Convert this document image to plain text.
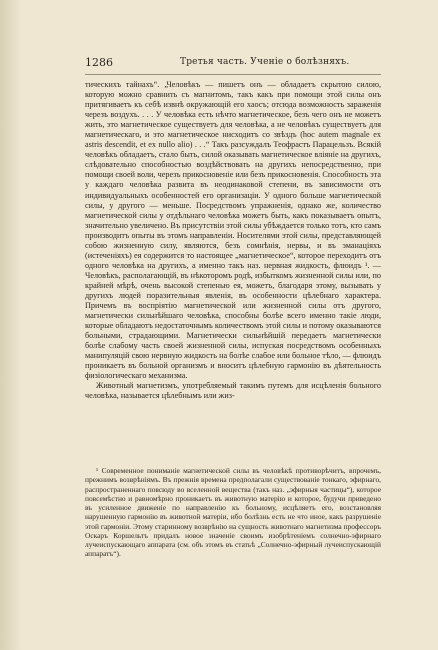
1286	Третья часть. Ученіе о болѣзняхъ.

тическихъ тайнахъ“. „Человѣкъ — пишетъ онъ — обладаетъ скрытою силою, которую можно сравнить съ магнитомъ, такъ какъ при помощи этой силы онъ притягиваетъ къ себѣ извнѣ окружающій его хаосъ; отсюда возможность зараженія черезъ воздухъ. . . . У человѣка есть нѣчто магнетическое, безъ чего онъ не можетъ жить, это магнетическое существуетъ для человѣка, а не человѣкъ существуетъ для магнетическаго, и это магнетическое нисходитъ со звѣздъ (hoc autem magnale ex astris descendit, et ex nullo alio) . . .“ Такъ разсуждалъ Теофрастъ Парацельзъ. Всякій человѣкъ обладаетъ, стало быть, силой оказывать магнетическое вліяніе на другихъ, слѣдовательно способностью воздѣйствовать на другихъ непосредственно, при помощи своей воли, черезъ прикосновеніе или безъ прикосновенія. Способность эта у каждаго человѣка развита въ неодинаковой степени, въ зависимости отъ индивидуальныхъ особенностей его организаціи. У одного больше магнетической силы, у другого — меньше. Посредствомъ упражненія, однако же, количество магнетической силы у отдѣльнаго человѣка можетъ быть, какъ показываетъ опытъ, значительно увеличено. Въ присутствіи этой силы убѣждается только тотъ, кто самъ производитъ опыты въ этомъ направленіи. Носителями этой силы, представляющей собою жизненную силу, являются, безъ сомнѣнія, нервы, и въ эманаціяхъ (истеченіяхъ) ея содержится то настоящее „магнетическое“, которое переходитъ отъ одного человѣка на другихъ, а именно такъ наз. нервная жидкость, флюидъ ¹. — Человѣкъ, располагающій, въ нѣкоторомъ родѣ, избыткомъ жизненной силы или, по крайней мѣрѣ, очень высокой степенью ея, можетъ, благодаря этому, вызывать у другихъ людей поразительныя явленія, въ особенности цѣлебнаго характера. Причемъ въ воспріятію магнетической или жизненной силы отъ другого, магнетически сильнѣйшаго человѣка, способны болѣе всего именно такіе люди, которые обладаютъ недостаточнымъ количествомъ этой силы и потому оказываются больными, страдающими. Магнетически сильнѣйшій передаетъ магнетически болѣе слабому часть своей жизненной силы, испуская посредствомъ особенныхъ манипуляцій свою нервную жидкость на болѣе слабое или больное тѣло, — флюидъ проникаетъ въ больной организмъ и вноситъ цѣлебную гармонію въ дѣятельность физіологическаго механизма.

Животный магнетизмъ, употребляемый такимъ путемъ для исцѣленія больного человѣка, называется цѣлебнымъ или жиз-

¹ Современное пониманіе магнетической силы въ человѣкѣ противорѣчитъ, впрочемъ, прежнимъ возврѣніямъ. Въ прежнія времена предполагали существованіе тонкаго, эфирнаго, распространеннаго повсюду во вселенной вещества (такъ наз. „эфирныя частицы“), которое повсемѣстно и равномѣрно проникаетъ въ животную матерію и которое, будучи приведено въ усиленное движеніе по направленію къ больному, исцѣляетъ его, возстановляя нарушенную гармонію въ животной матеріи, ибо болѣзнь есть не что иное, какъ разрушеніе этой гармоніи. Этому старинному возврѣнію на сущность животнаго магнетизма профессоръ Оскаръ Коршельтъ придалъ новое значеніе своимъ изобрѣтеніемъ солнечно-эфирнаго лучеиспускающаго аппарата (см. объ этомъ въ статьѣ „Солнечно-эфирный лучеиспускающій аппаратъ“).
